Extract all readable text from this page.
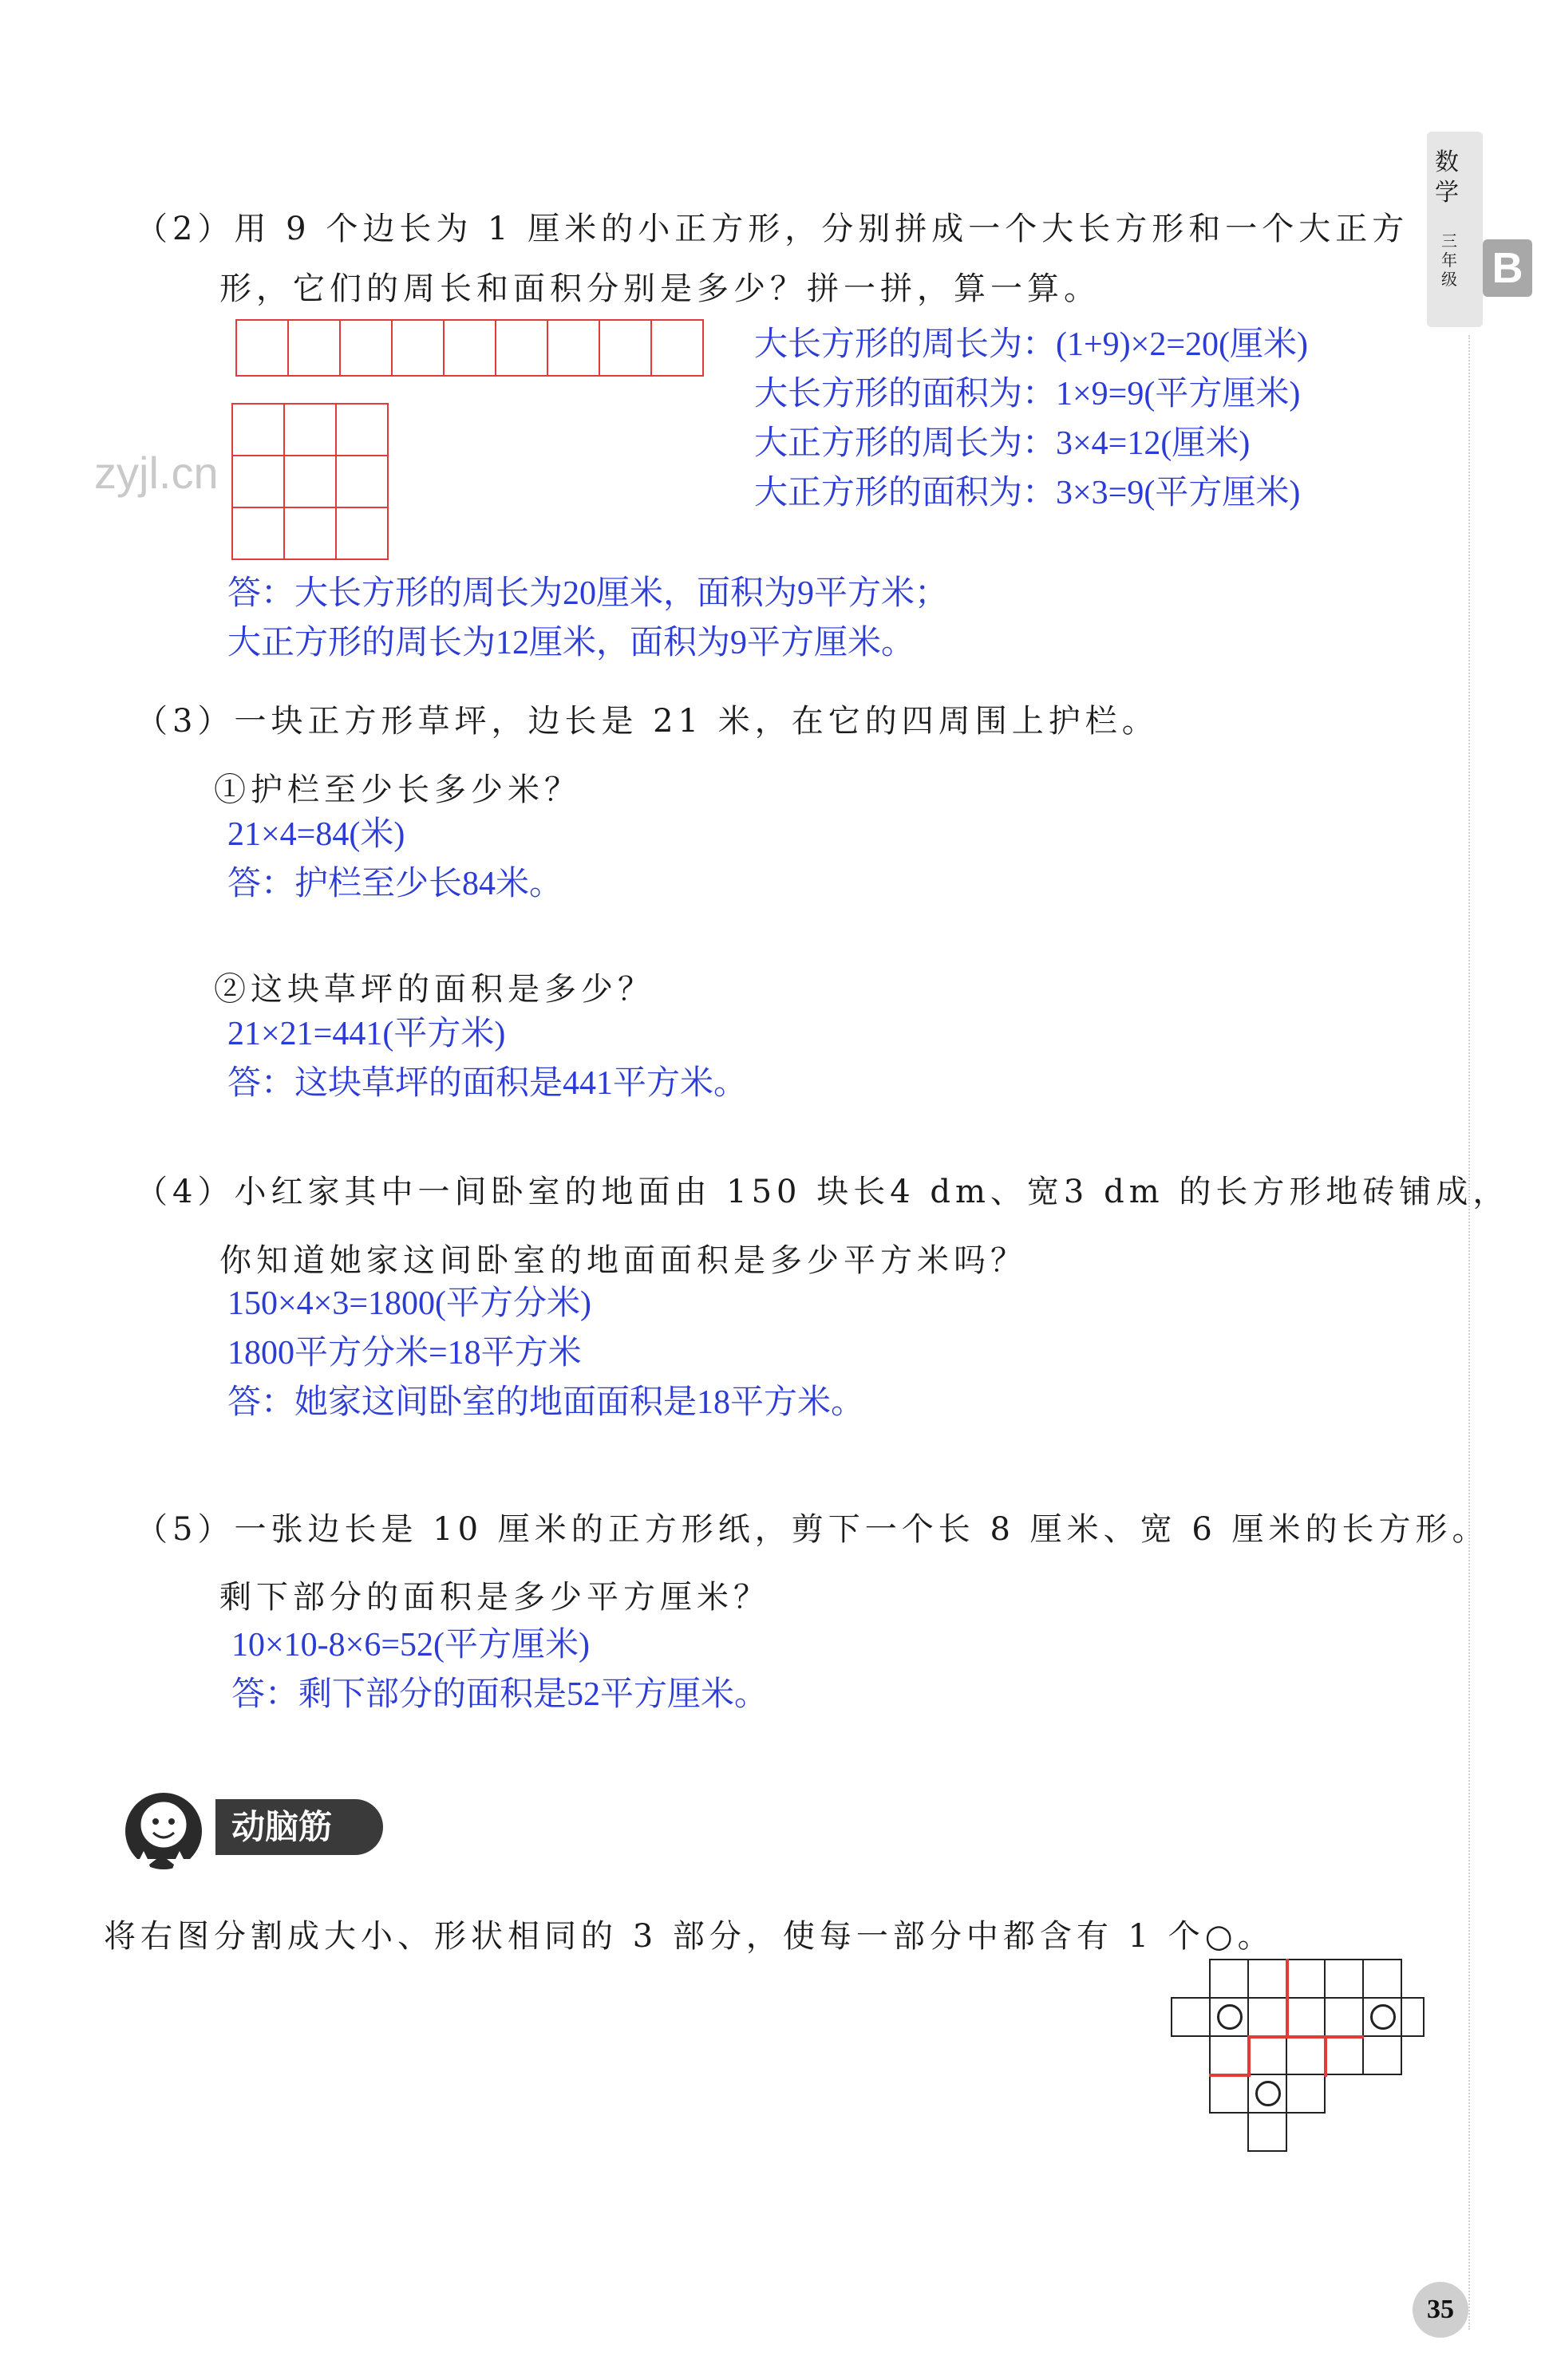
数学
三年级 B
（2）用 9 个边长为 1 厘米的小正方形，分别拼成一个大长方形和一个大正方
形，它们的周长和面积分别是多少？拼一拼，算一算。
zyjl.cn
大长方形的周长为：(1+9)×2=20(厘米)
大长方形的面积为：1×9=9(平方厘米)
大正方形的周长为：3×4=12(厘米)
大正方形的面积为：3×3=9(平方厘米)
答：大长方形的周长为20厘米，面积为9平方米；
大正方形的周长为12厘米，面积为9平方厘米。
（3）一块正方形草坪，边长是 21 米，在它的四周围上护栏。
①护栏至少长多少米？
21×4=84(米)
答：护栏至少长84米。
②这块草坪的面积是多少？
21×21=441(平方米)
答：这块草坪的面积是441平方米。
（4）小红家其中一间卧室的地面由 150 块长4 dm、宽3 dm 的长方形地砖铺成，
你知道她家这间卧室的地面面积是多少平方米吗？
150×4×3=1800(平方分米)
1800平方分米=18平方米
答：她家这间卧室的地面面积是18平方米。
（5）一张边长是 10 厘米的正方形纸，剪下一个长 8 厘米、宽 6 厘米的长方形。
剩下部分的面积是多少平方厘米？
10×10-8×6=52(平方厘米)
答：剩下部分的面积是52平方厘米。
动脑筋
将右图分割成大小、形状相同的 3 部分，使每一部分中都含有 1 个○。
35
